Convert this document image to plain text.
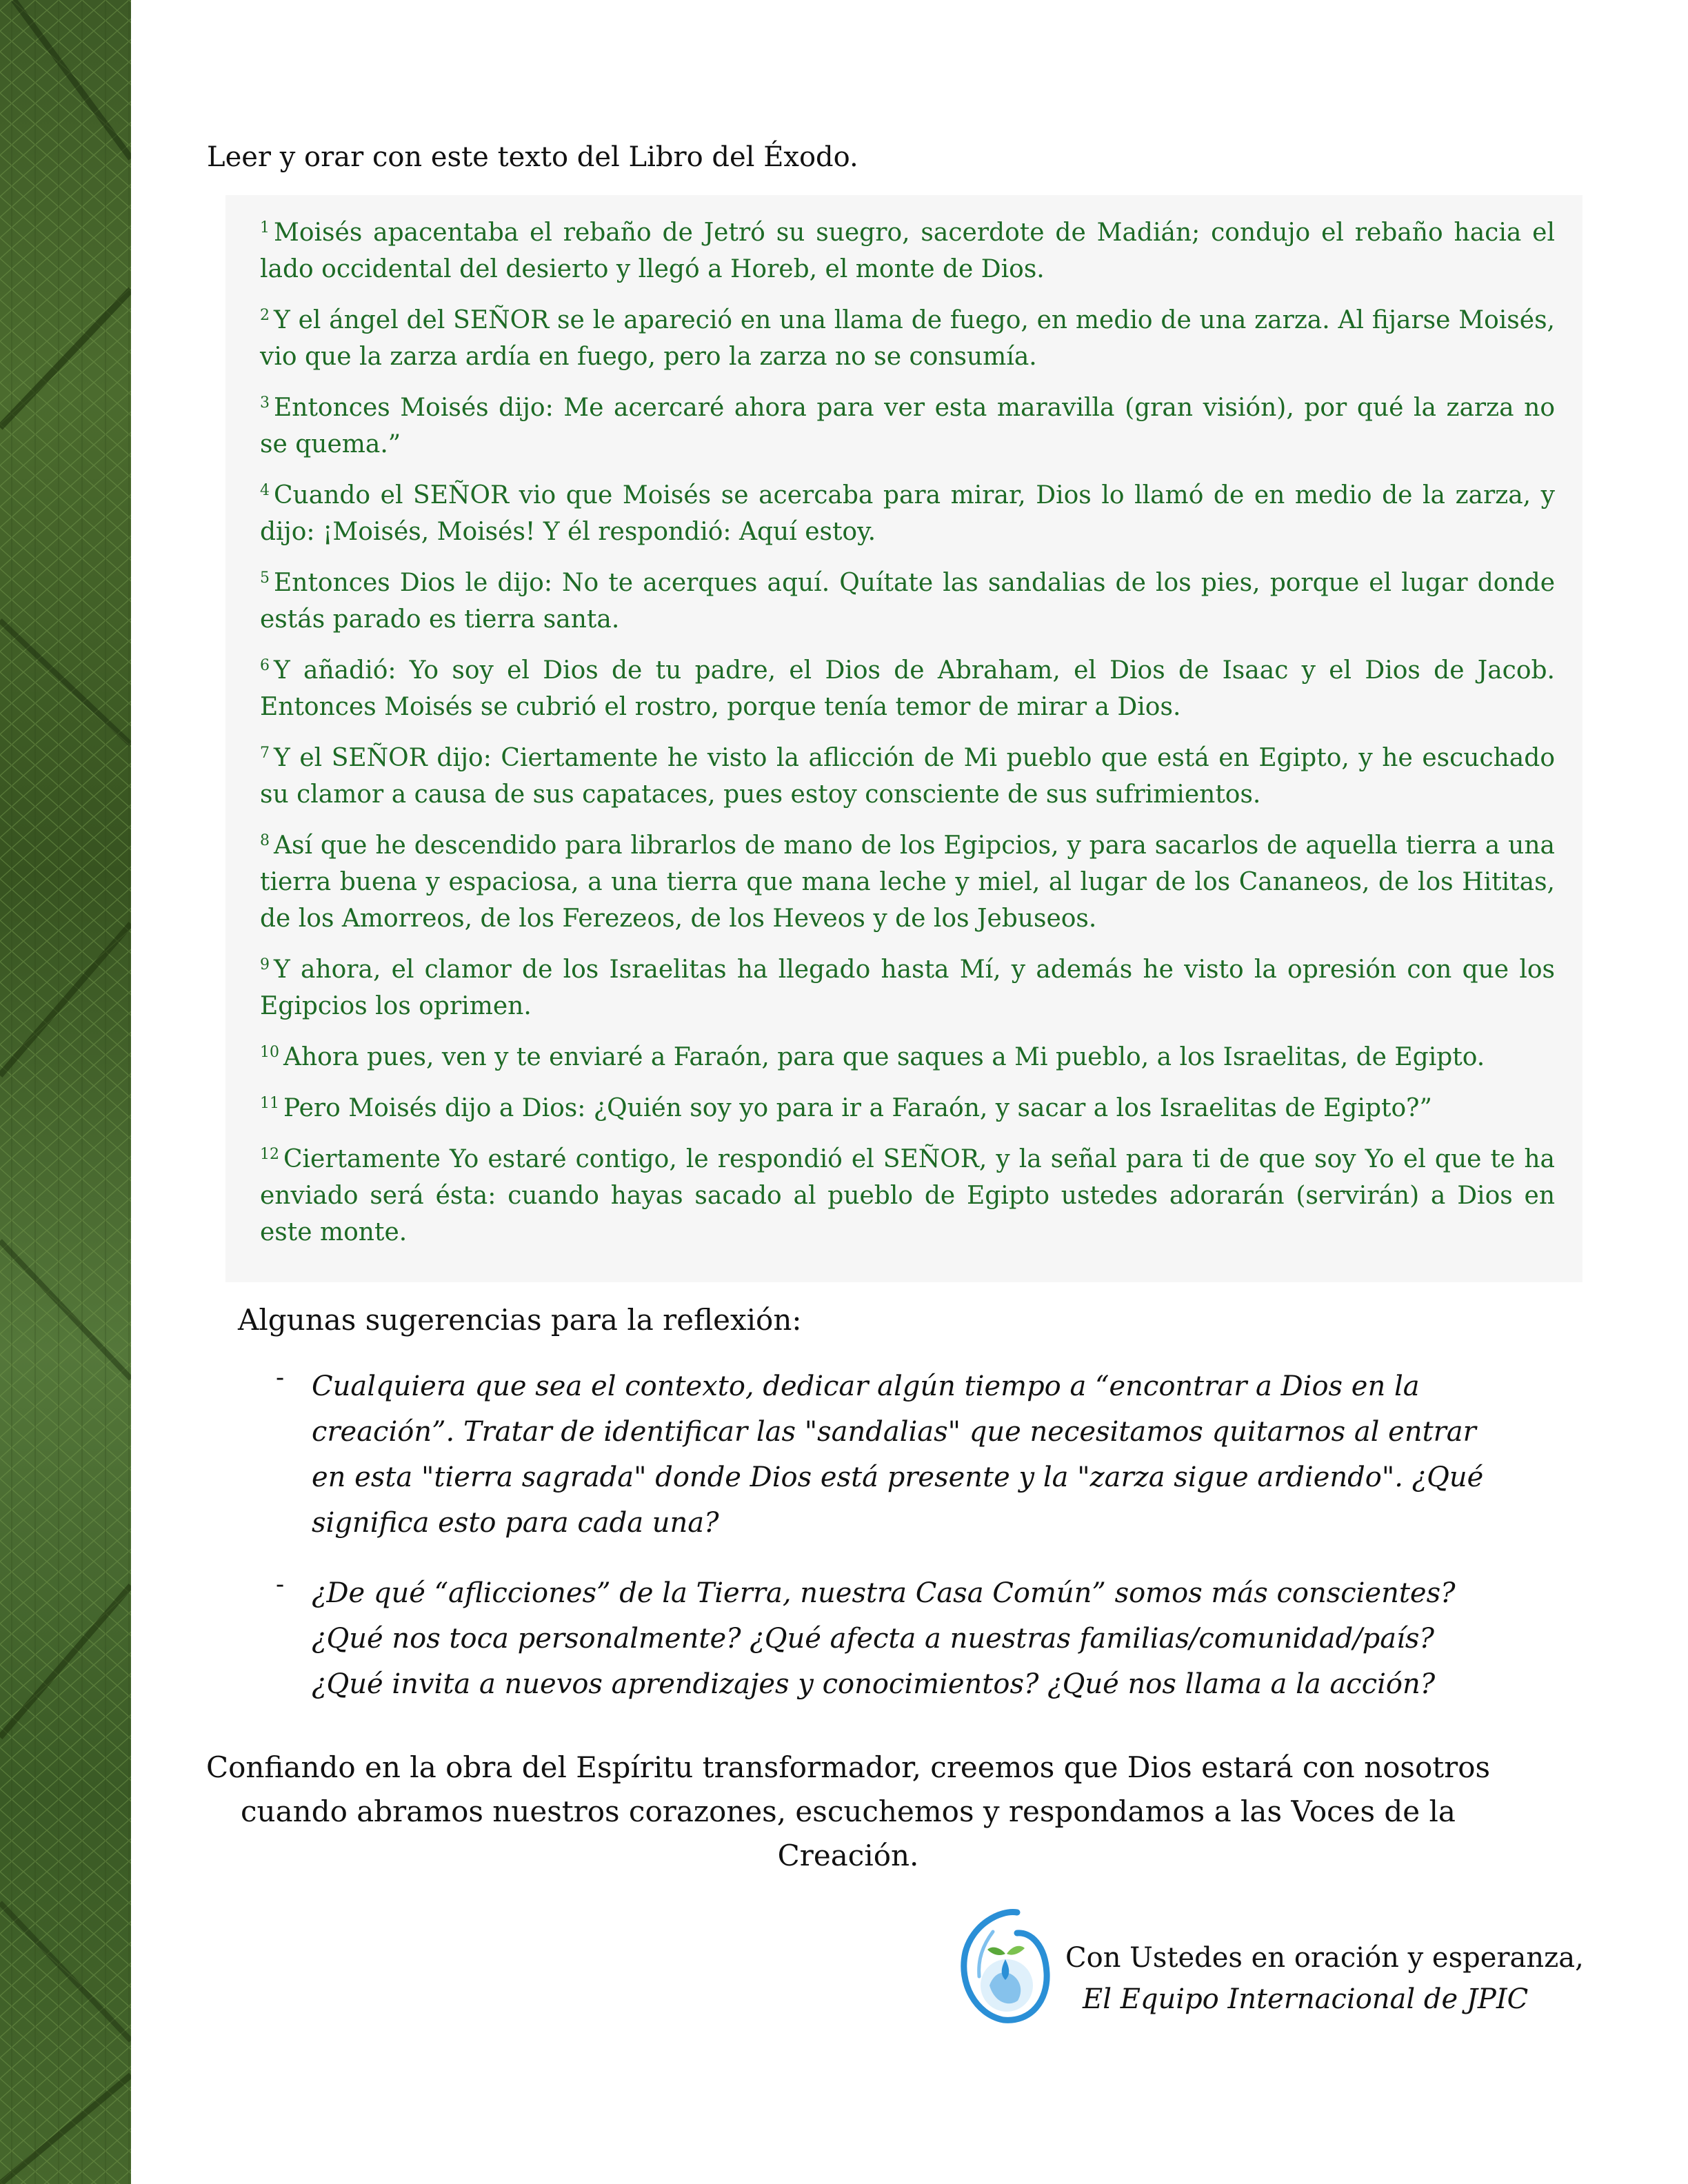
Leer y orar con este texto del Libro del Éxodo.

$^1$ Moisés apacentaba el rebaño de Jetró su suegro, sacerdote de Madián; condujo el rebaño hacia el lado occidental del desierto y llegó a Horeb, el monte de Dios.

$^2$ Y el ángel del SEÑOR se le apareció en una llama de fuego, en medio de una zarza. Al fijarse Moisés, vio que la zarza ardía en fuego, pero la zarza no se consumía.

$^3$ Entonces Moisés dijo: Me acercaré ahora para ver esta maravilla (gran visión), por qué la zarza no se quema.”

$^4$ Cuando el SEÑOR vio que Moisés se acercaba para mirar, Dios lo llamó de en medio de la zarza, y dijo: ¡Moisés, Moisés! Y él respondió: Aquí estoy.

$^5$ Entonces Dios le dijo: No te acerques aquí. Quítate las sandalias de los pies, porque el lugar donde estás parado es tierra santa.

$^6$ Y añadió: Yo soy el Dios de tu padre, el Dios de Abraham, el Dios de Isaac y el Dios de Jacob. Entonces Moisés se cubrió el rostro, porque tenía temor de mirar a Dios.

$^7$ Y el SEÑOR dijo: Ciertamente he visto la aflicción de Mi pueblo que está en Egipto, y he escuchado su clamor a causa de sus capataces, pues estoy consciente de sus sufrimientos.

$^8$ Así que he descendido para librarlos de mano de los Egipcios, y para sacarlos de aquella tierra a una tierra buena y espaciosa, a una tierra que mana leche y miel, al lugar de los Cananeos, de los Hititas, de los Amorreos, de los Ferezeos, de los Heveos y de los Jebuseos.

$^9$ Y ahora, el clamor de los Israelitas ha llegado hasta Mí, y además he visto la opresión con que los Egipcios los oprimen.

$^{10}$ Ahora pues, ven y te enviaré a Faraón, para que saques a Mi pueblo, a los Israelitas, de Egipto.

$^{11}$ Pero Moisés dijo a Dios: ¿Quién soy yo para ir a Faraón, y sacar a los Israelitas de Egipto?”

$^{12}$ Ciertamente Yo estaré contigo, le respondió el SEÑOR, y la señal para ti de que soy Yo el que te ha enviado será ésta: cuando hayas sacado al pueblo de Egipto ustedes adorarán (servirán) a Dios en este monte.

Algunas sugerencias para la reflexión:

- Cualquiera que sea el contexto, dedicar algún tiempo a “encontrar a Dios en la creación”. Tratar de identificar las "sandalias" que necesitamos quitarnos al entrar en esta "tierra sagrada" donde Dios está presente y la "zarza sigue ardiendo". ¿Qué significa esto para cada una?
- ¿De qué “aflicciones” de la Tierra, nuestra Casa Común” somos más conscientes? ¿Qué nos toca personalmente? ¿Qué afecta a nuestras familias/comunidad/país? ¿Qué invita a nuevos aprendizajes y conocimientos? ¿Qué nos llama a la acción?

Confiando en la obra del Espíritu transformador, creemos que Dios estará con nosotros cuando abramos nuestros corazones, escuchemos y respondamos a las Voces de la Creación.

Con Ustedes en oración y esperanza,
El Equipo Internacional de JPIC
